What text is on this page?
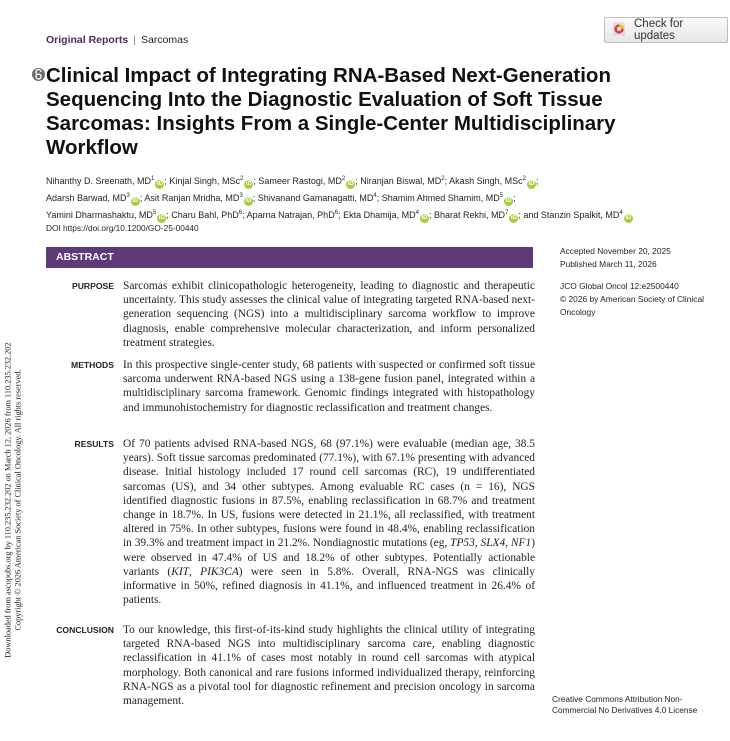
Downloaded from ascopubs.org by 110.235.232.202 on March 12, 2026 from 110.235.232.202 Copyright © 2026 American Society of Clinical Oncology. All rights reserved.
Original Reports | Sarcomas
Check for updates
Clinical Impact of Integrating RNA-Based Next-Generation Sequencing Into the Diagnostic Evaluation of Soft Tissue Sarcomas: Insights From a Single-Center Multidisciplinary Workflow
Nihanthy D. Sreenath, $MD^1iD$ ; Kinjal Singh, MSc$^2$iD ; Sameer Rastogi, $MD^2iD$ ; Niranjan Biswal, $MD^2$; Akash Singh, MSc$^2$iD ;
Adarsh Barwad, $MD^3iD$ ; Asit Ranjan Mridha, $MD^3iD$ ; Shivanand Gamanagatti, $MD^4$; Shamim Ahmed Shamim, $MD^5iD$ ;
Yamini Dharmashaktu, $MD^5iD$ ; Charu Bahl, PhD$^6$; Aparna Natrajan, PhD$^6$; Ekta Dhamija, $MD^4iD$ ; Bharat Rekhi, $MD^7iD$ ; and Stanzin Spalkit, $MD^4iD$
DOI https://doi.org/10.1200/GO-25-00440
ABSTRACT	Accepted November 20, 2025

Published March 11, 2026

JCO Global Oncol 12:e2500440

© 2026 by American Society of Clinical Oncology

PURPOSE Sarcomas exhibit clinicopathologic heterogeneity, leading to diagnostic and therapeutic uncertainty. This study assesses the clinical value of integrating targeted RNA-based next-generation sequencing (NGS) into a multidisciplinary sarcoma workflow to improve diagnosis, enable comprehensive molecular characterization, and inform personalized treatment strategies.
METHODS In this prospective single-center study, 68 patients with suspected or confirmed soft tissue sarcoma underwent RNA-based NGS using a 138-gene fusion panel, integrated within a multidisciplinary sarcoma framework. Genomic findings integrated with histopathology and immunohistochemistry for diagnostic reclassification and treatment changes.
RESULTS Of 70 patients advised RNA-based NGS, 68 (97.1%) were evaluable (median age, 38.5 years). Soft tissue sarcomas predominated (77.1%), with 67.1% presenting with advanced disease. Initial histology included 17 round cell sarcomas (RC), 19 undifferentiated sarcomas (US), and 34 other subtypes. Among evaluable RC cases (n = 16), NGS identified diagnostic fusions in 87.5%, enabling reclassification in 68.7% and treatment change in 18.7%. In US, fusions were detected in 21.1%, all reclassified, with treatment altered in 75%. In other subtypes, fusions were found in 48.4%, enabling reclassification in 39.3% and treatment impact in 21.2%. Nondiagnostic mutations (eg, TP53, SLX4, NF1) were observed in 47.4% of US and 18.2% of other subtypes. Potentially actionable variants (KIT, PIK3CA) were seen in 5.8%. Overall, RNA-NGS was clinically informative in 50%, refined diagnosis in 41.1%, and influenced treatment in 26.4% of patients.
CONCLUSION To our knowledge, this first-of-its-kind study highlights the clinical utility of integrating targeted RNA-based NGS into multidisciplinary sarcoma care, enabling diagnostic reclassification in 41.1% of cases most notably in round cell sarcomas with atypical morphology. Both canonical and rare fusions informed individualized therapy, reinforcing RNA-NGS as a pivotal tool for diagnostic refinement and precision oncology in sarcoma management.	Creative Commons Attribution Non-Commercial No Derivatives 4.0 License
